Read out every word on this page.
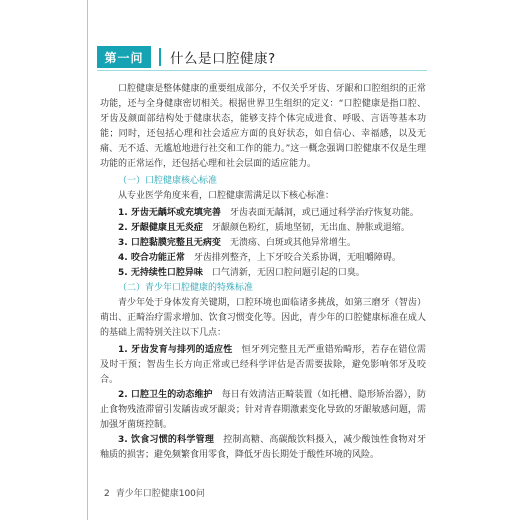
第一问	什么是口腔健康?

口腔健康是整体健康的重要组成部分，不仅关乎牙齿、牙龈和口腔组织的正常功能，还与全身健康密切相关。根据世界卫生组织的定义：“口腔健康是指口腔、牙齿及颜面部结构处于健康状态，能够支持个体完成进食、呼吸、言语等基本功能；同时，还包括心理和社会适应方面的良好状态，如自信心、幸福感，以及无痛、无不适、无尴尬地进行社交和工作的能力。”这一概念强调口腔健康不仅是生理功能的正常运作，还包括心理和社会层面的适应能力。

（一）口腔健康核心标准

从专业医学角度来看，口腔健康需满足以下核心标准：

1. 牙齿无龋坏或充填完善  牙齿表面无龋洞，或已通过科学治疗恢复功能。

2. 牙龈健康且无炎症  牙龈颜色粉红，质地坚韧，无出血、肿胀或退缩。

3. 口腔黏膜完整且无病变  无溃疡、白斑或其他异常增生。

4. 咬合功能正常  牙齿排列整齐，上下牙咬合关系协调，无咀嚼障碍。

5. 无持续性口腔异味  口气清新，无因口腔问题引起的口臭。

（二）青少年口腔健康的特殊标准

青少年处于身体发育关键期，口腔环境也面临诸多挑战，如第三磨牙（智齿）萌出、正畸治疗需求增加、饮食习惯变化等。因此，青少年的口腔健康标准在成人的基础上需特别关注以下几点：

1. 牙齿发育与排列的适应性  恒牙列完整且无严重错殆畸形，若存在错位需及时干预；智齿生长方向正常或已经科学评估是否需要拔除，避免影响邻牙及咬合。

2. 口腔卫生的动态维护  每日有效清洁正畸装置（如托槽、隐形矫治器），防止食物残渣滞留引发龋齿或牙龈炎；针对青春期激素变化导致的牙龈敏感问题，需加强牙菌斑控制。

3. 饮食习惯的科学管理  控制高糖、高碳酸饮料摄入，减少酸蚀性食物对牙釉质的损害；避免频繁食用零食，降低牙齿长期处于酸性环境的风险。

2 青少年口腔健康100问
